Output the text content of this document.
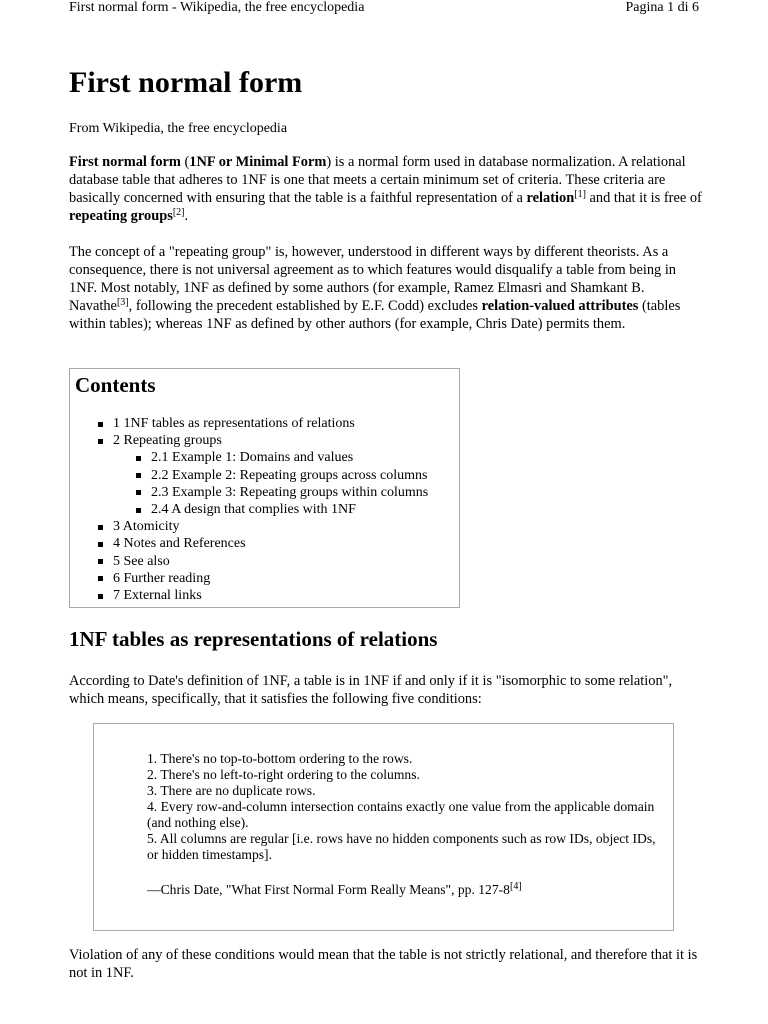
First normal form - Wikipedia, the free encyclopedia	Pagina 1 di 6
First normal form
From Wikipedia, the free encyclopedia

First normal form (1NF or Minimal Form) is a normal form used in database normalization. A relational database table that adheres to 1NF is one that meets a certain minimum set of criteria. These criteria are basically concerned with ensuring that the table is a faithful representation of a relation[1] and that it is free of repeating groups[2].

The concept of a "repeating group" is, however, understood in different ways by different theorists. As a consequence, there is not universal agreement as to which features would disqualify a table from being in 1NF. Most notably, 1NF as defined by some authors (for example, Ramez Elmasri and Shamkant B. Navathe[3], following the precedent established by E.F. Codd) excludes relation-valued attributes (tables within tables); whereas 1NF as defined by other authors (for example, Chris Date) permits them.

Contents
1 1NF tables as representations of relations
2 Repeating groups
2.1 Example 1: Domains and values
2.2 Example 2: Repeating groups across columns
2.3 Example 3: Repeating groups within columns
2.4 A design that complies with 1NF
3 Atomicity
4 Notes and References
5 See also
6 Further reading
7 External links
1NF tables as representations of relations

According to Date's definition of 1NF, a table is in 1NF if and only if it is "isomorphic to some relation", which means, specifically, that it satisfies the following five conditions:

1. There's no top-to-bottom ordering to the rows.
2. There's no left-to-right ordering to the columns.
3. There are no duplicate rows.
4. Every row-and-column intersection contains exactly one value from the applicable domain (and nothing else).
5. All columns are regular [i.e. rows have no hidden components such as row IDs, object IDs, or hidden timestamps].
—Chris Date, "What First Normal Form Really Means", pp. 127-8[4]

Violation of any of these conditions would mean that the table is not strictly relational, and therefore that it is not in 1NF.
